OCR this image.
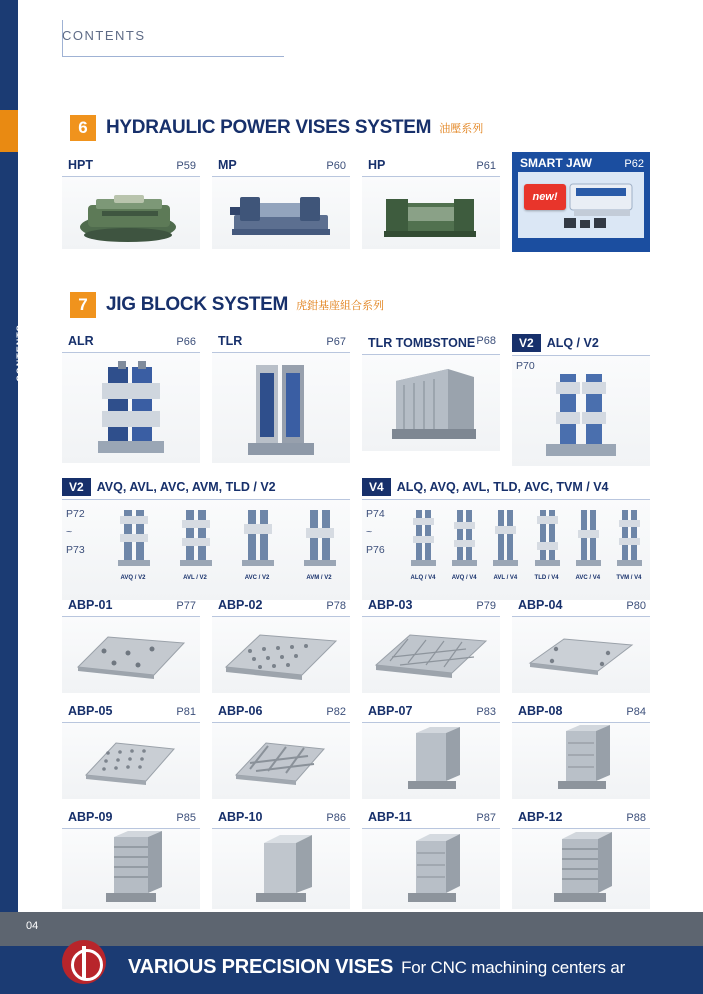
CONTENTS
CONTENTS
6 HYDRAULIC POWER VISES SYSTEM 油壓系列
HPT	P59 MP	P60 HP	P61 SMART JAW	P62
new!
7 JIG BLOCK SYSTEM 虎鉗基座組合系列
ALR	P66 TLR	P67	TLR TOMBSTONE P68	V2	ALQ / V2
P70
V2	AVQ, AVL, AVC, AVM, TLD / V2
P72
~
P73
AVQ / V2	AVL / V2	AVC / V2	AVM / V2
V4	ALQ, AVQ, AVL, TLD, AVC, TVM / V4
P74
~
P76
ALQ / V4	AVQ / V4	AVL / V4	TLD / V4	AVC / V4	TVM / V4
ABP-01	P77 ABP-02	P78 ABP-03	P79 ABP-04	P80
ABP-05	P81 ABP-06	P82 ABP-07	P83 ABP-08	P84
ABP-09	P85 ABP-10	P86 ABP-11	P87 ABP-12	P88
04
VARIOUS PRECISION VISES For CNC machining centers ar
